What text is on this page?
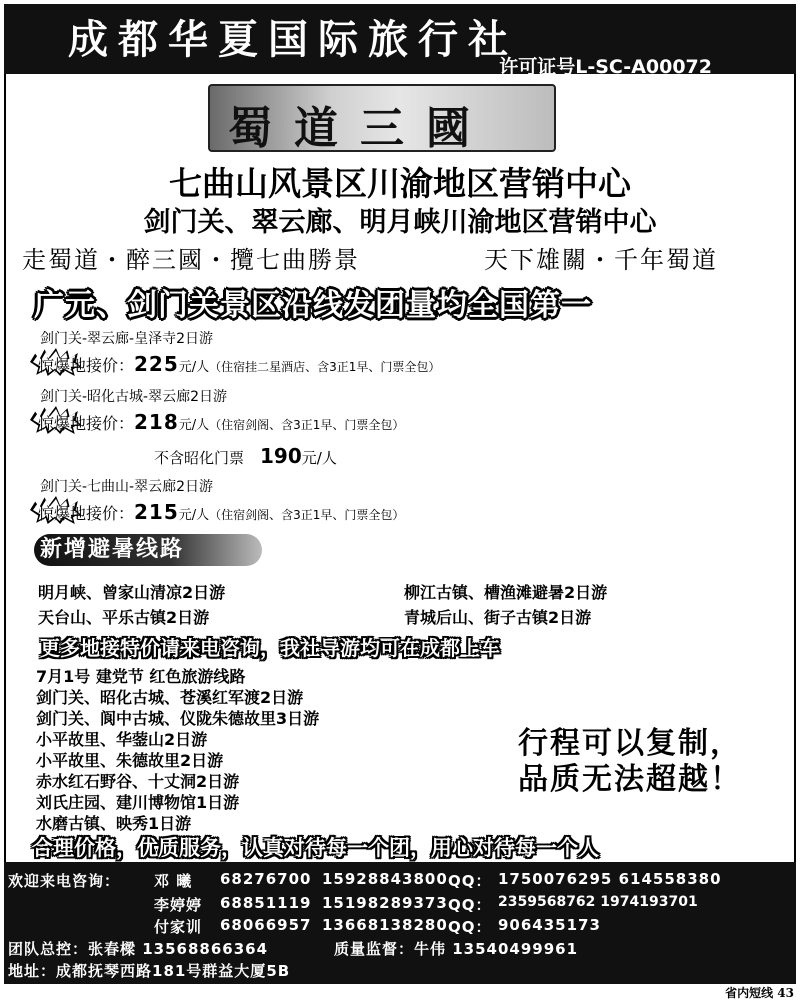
成都华夏国际旅行社
许可证号L-SC-A00072
蜀道三國
七曲山风景区川渝地区营销中心
剑门关、翠云廊、明月峡川渝地区营销中心
走蜀道・醉三國・攬七曲勝景	天下雄關・千年蜀道
广元、剑门关景区沿线发团量均全国第一
剑门关-翠云廊-皇泽寺2日游
惊爆地接价：225元/人（住宿挂二星酒店、含3正1早、门票全包）
剑门关-昭化古城-翠云廊2日游
惊爆地接价：218元/人（住宿剑阁、含3正1早、门票全包）
不含昭化门票 190元/人
剑门关-七曲山-翠云廊2日游
惊爆地接价：215元/人（住宿剑阁、含3正1早、门票全包）
新增避暑线路
明月峡、曾家山清凉2日游	柳江古镇、槽渔滩避暑2日游
天台山、平乐古镇2日游	青城后山、街子古镇2日游
更多地接特价请来电咨询，我社导游均可在成都上车
7月1号 建党节 红色旅游线路
剑门关、昭化古城、苍溪红军渡2日游
剑门关、阆中古城、仪陇朱德故里3日游
小平故里、华蓥山2日游
小平故里、朱德故里2日游
赤水红石野谷、十丈洞2日游
刘氏庄园、建川博物馆1日游
水磨古镇、映秀1日游
行程可以复制，
品质无法超越！
合理价格，优质服务，认真对待每一个团，用心对待每一个人
欢迎来电咨询： 邓 曦 68276700 15928843800 QQ： 1750076295 614558380
李婷婷 68851119 15198289373 QQ： 2359568762 1974193701
付家训 68066957 13668138280 QQ： 906435173
团队总控：张春樑 13568866364	质量监督：牛伟 13540499961
地址：成都抚琴西路181号群益大厦5B
省内短线 43
